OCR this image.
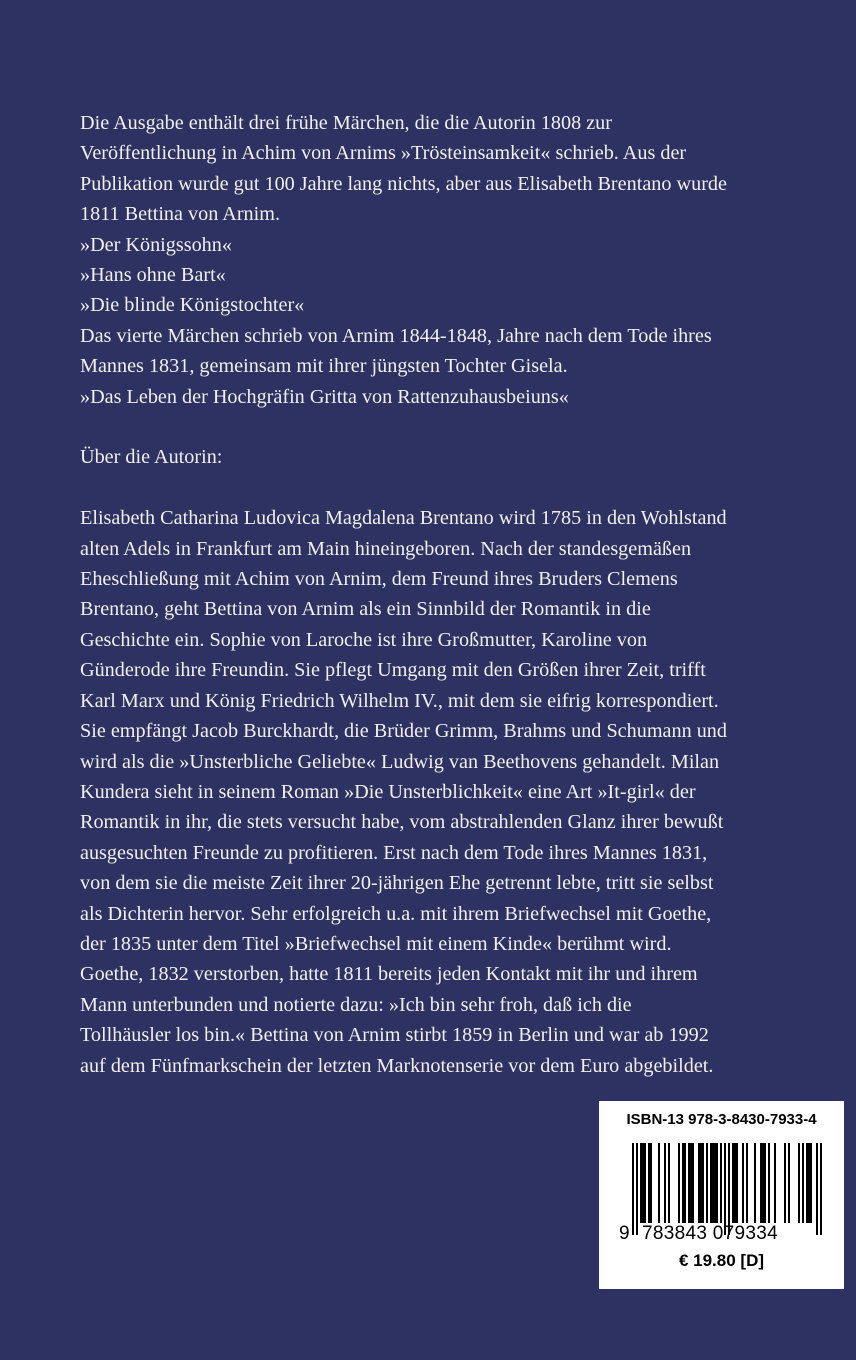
Die Ausgabe enthält drei frühe Märchen, die die Autorin 1808 zur
Veröffentlichung in Achim von Arnims »Trösteinsamkeit« schrieb. Aus der
Publikation wurde gut 100 Jahre lang nichts, aber aus Elisabeth Brentano wurde
1811 Bettina von Arnim.
»Der Königssohn«
»Hans ohne Bart«
»Die blinde Königstochter«
Das vierte Märchen schrieb von Arnim 1844-1848, Jahre nach dem Tode ihres
Mannes 1831, gemeinsam mit ihrer jüngsten Tochter Gisela.
»Das Leben der Hochgräfin Gritta von Rattenzuhausbeiuns«
Über die Autorin:
Elisabeth Catharina Ludovica Magdalena Brentano wird 1785 in den Wohlstand
alten Adels in Frankfurt am Main hineingeboren. Nach der standesgemäßen
Eheschließung mit Achim von Arnim, dem Freund ihres Bruders Clemens
Brentano, geht Bettina von Arnim als ein Sinnbild der Romantik in die
Geschichte ein. Sophie von Laroche ist ihre Großmutter, Karoline von
Günderode ihre Freundin. Sie pflegt Umgang mit den Größen ihrer Zeit, trifft
Karl Marx und König Friedrich Wilhelm IV., mit dem sie eifrig korrespondiert.
Sie empfängt Jacob Burckhardt, die Brüder Grimm, Brahms und Schumann und
wird als die »Unsterbliche Geliebte« Ludwig van Beethovens gehandelt. Milan
Kundera sieht in seinem Roman »Die Unsterblichkeit« eine Art »It-girl« der
Romantik in ihr, die stets versucht habe, vom abstrahlenden Glanz ihrer bewußt
ausgesuchten Freunde zu profitieren. Erst nach dem Tode ihres Mannes 1831,
von dem sie die meiste Zeit ihrer 20-jährigen Ehe getrennt lebte, tritt sie selbst
als Dichterin hervor. Sehr erfolgreich u.a. mit ihrem Briefwechsel mit Goethe,
der 1835 unter dem Titel »Briefwechsel mit einem Kinde« berühmt wird.
Goethe, 1832 verstorben, hatte 1811 bereits jeden Kontakt mit ihr und ihrem
Mann unterbunden und notierte dazu: »Ich bin sehr froh, daß ich die
Tollhäusler los bin.« Bettina von Arnim stirbt 1859 in Berlin und war ab 1992
auf dem Fünfmarkschein der letzten Marknotenserie vor dem Euro abgebildet.
ISBN-13 978-3-8430-7933-4
9 783843 079334
€ 19.80 [D]
